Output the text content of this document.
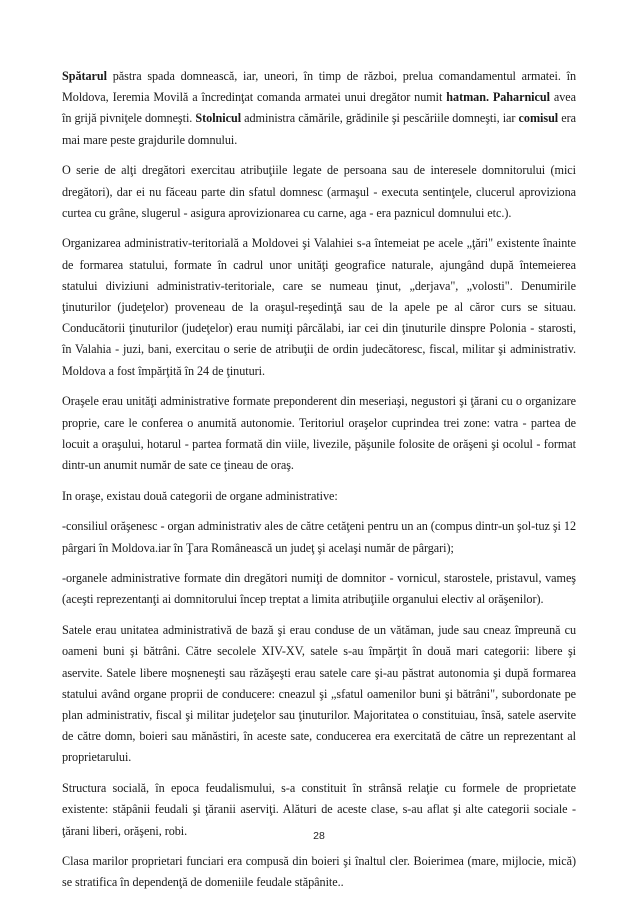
Spătarul păstra spada domnească, iar, uneori, în timp de război, prelua comandamentul armatei. în Moldova, Ieremia Movilă a încredinţat comanda armatei unui dregător numit hatman. Paharnicul avea în grijă pivniţele domneşti. Stolnicul administra cămările, grădinile şi pescăriile domneşti, iar comisul era mai mare peste grajdurile domnului.

O serie de alţi dregători exercitau atribuţiile legate de persoana sau de interesele domnitorului (mici dregători), dar ei nu făceau parte din sfatul domnesc (armaşul - executa sentinţele, clucerul aproviziona curtea cu grâne, slugerul - asigura aprovizionarea cu carne, aga - era paznicul domnului etc.).

Organizarea administrativ-teritorială a Moldovei şi Valahiei s-a întemeiat pe acele „ţări" existente înainte de formarea statului, formate în cadrul unor unităţi geografice naturale, ajungând după întemeierea statului diviziuni administrativ-teritoriale, care se numeau ţinut, „derjava", „volosti". Denumirile ţinuturilor (judeţelor) proveneau de la oraşul-reşedinţă sau de la apele pe al căror curs se situau. Conducătorii ţinuturilor (judeţelor) erau numiţi pârcălabi, iar cei din ţinuturile dinspre Polonia - starosti, în Valahia - juzi, bani, exercitau o serie de atribuţii de ordin judecătoresc, fiscal, militar şi administrativ. Moldova a fost împărţită în 24 de ţinuturi.

Oraşele erau unităţi administrative formate preponderent din meseriaşi, negustori şi ţărani cu o organizare proprie, care le conferea o anumită autonomie. Teritoriul oraşelor cuprindea trei zone: vatra - partea de locuit a oraşului, hotarul - partea formată din viile, livezile, păşunile folosite de orăşeni şi ocolul - format dintr-un anumit număr de sate ce ţineau de oraş.

In oraşe, existau două categorii de organe administrative:

-consiliul orăşenesc - organ administrativ ales de către cetăţeni pentru un an (compus dintr-un şol-tuz şi 12 pârgari în Moldova.iar în Ţara Românească un judeţ şi acelaşi număr de pârgari);

-organele administrative formate din dregători numiţi de domnitor - vornicul, starostele, pristavul, vameş (aceşti reprezentanţi ai domnitorului încep treptat a limita atribuţiile organului electiv al orăşenilor).

Satele erau unitatea administrativă de bază şi erau conduse de un vătăman, jude sau cneaz împreună cu oameni buni şi bătrâni. Către secolele XIV-XV, satele s-au împărţit în două mari categorii: libere şi aservite. Satele libere moşneneşti sau răzăşeşti erau satele care şi-au păstrat autonomia şi după formarea statului având organe proprii de conducere: cneazul şi „sfatul oamenilor buni şi bătrâni", subordonate pe plan administrativ, fiscal şi militar judeţelor sau ţinuturilor. Majoritatea o constituiau, însă, satele aservite de către domn, boieri sau mănăstiri, în aceste sate, conducerea era exercitată de către un reprezentant al proprietarului.

Structura socială, în epoca feudalismului, s-a constituit în strânsă relaţie cu formele de proprietate existente: stăpânii feudali şi ţăranii aserviţi. Alături de aceste clase, s-au aflat şi alte categorii sociale - ţărani liberi, orăşeni, robi.

Clasa marilor proprietari funciari era compusă din boieri şi înaltul cler. Boierimea (mare, mijlocie, mică) se stratifica în dependenţă de domeniile feudale stăpânite..

28
